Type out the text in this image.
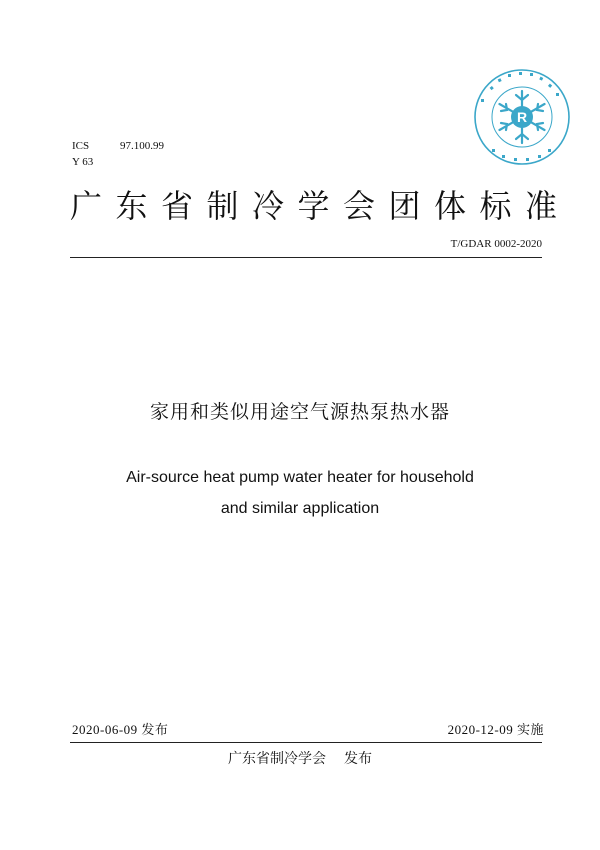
ICS	97.100.99
Y 63
R
广东省制冷学会团体标准
T/GDAR 0002-2020
家用和类似用途空气源热泵热水器
Air-source heat pump water heater for household
and similar application
2020-06-09 发布	2020-12-09 实施
广东省制冷学会 发布
